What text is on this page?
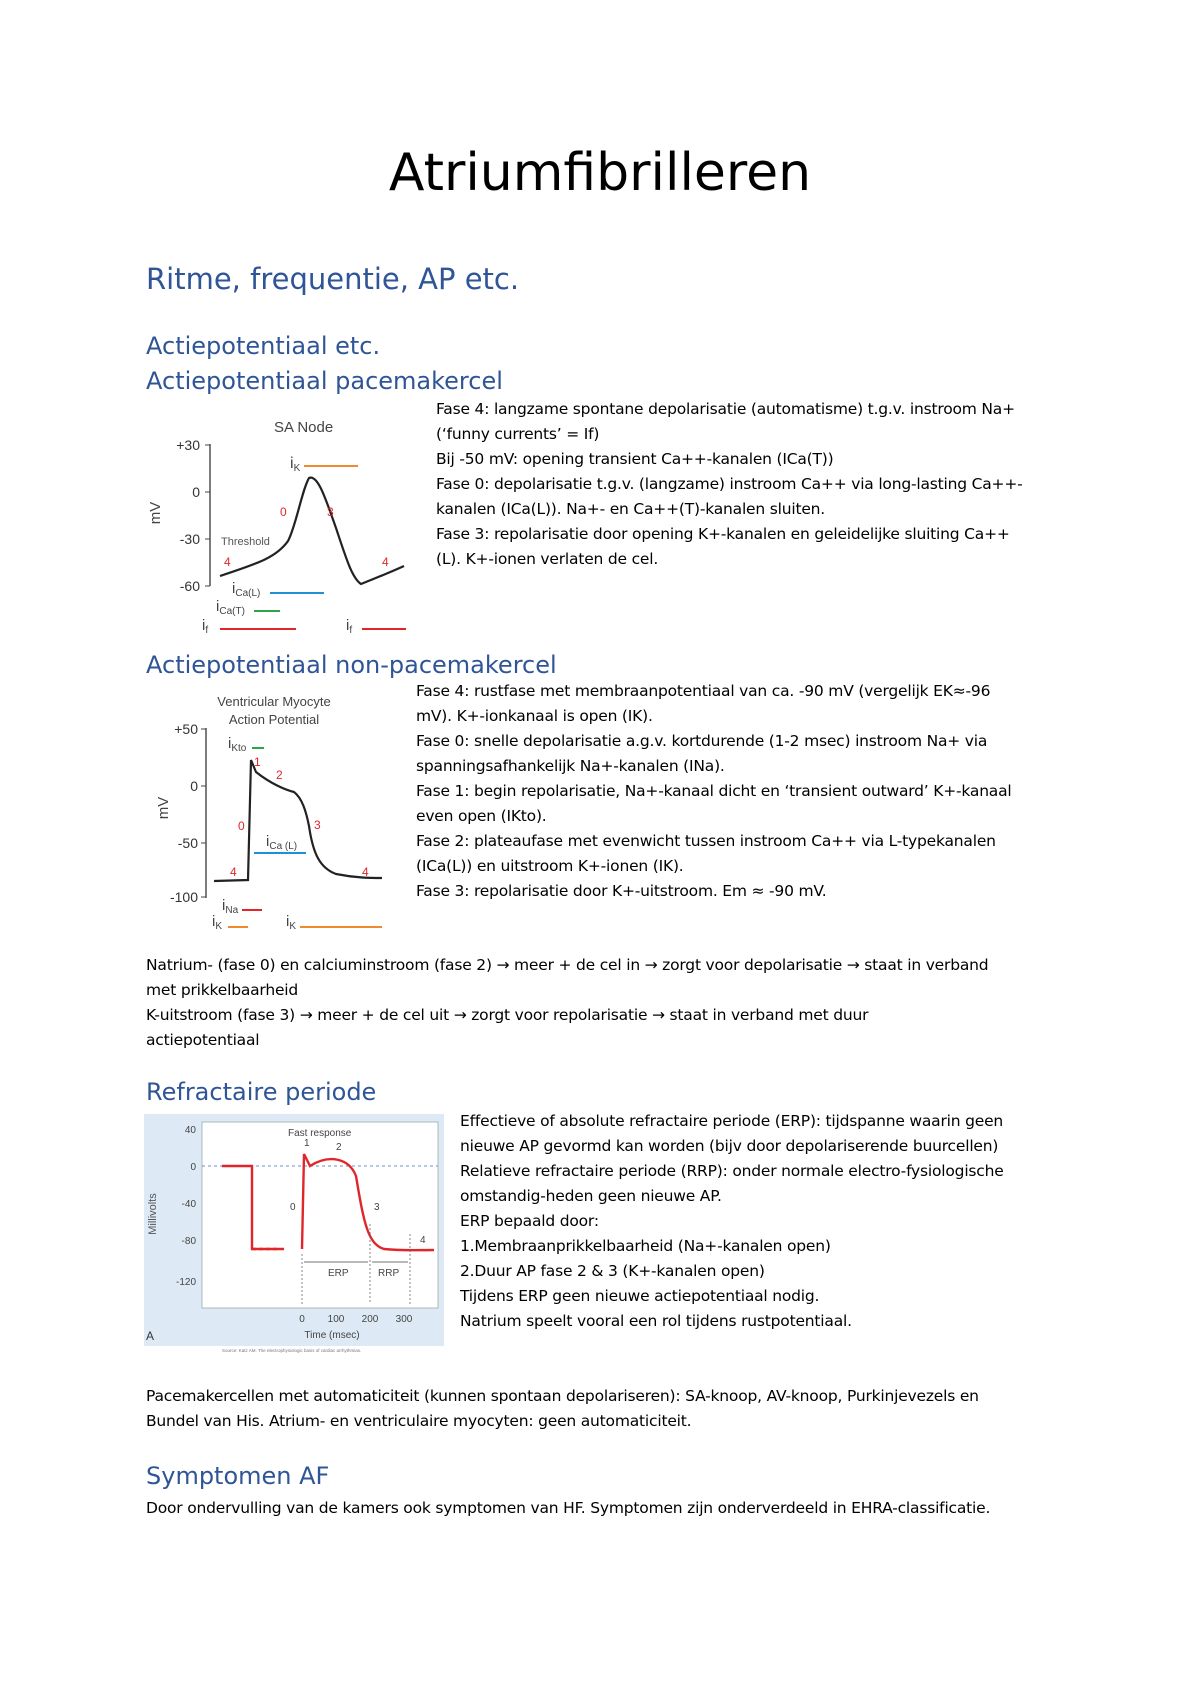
Atriumfibrilleren
Ritme, frequentie, AP etc.
Actiepotentiaal etc.
Actiepotentiaal pacemakercel
SA Node
mV
+30
0
-30
-60
Threshold
4
0	3
4
iK
$i_{Ca(L)}$
$i_{Ca(T)}$
$i_f$	$i_f$

Fase 4: langzame spontane depolarisatie (automatisme) t.g.v. instroom Na+

(‘funny currents’ = If)

Bij -50 mV: opening transient Ca++-kanalen (ICa(T))

Fase 0: depolarisatie t.g.v. (langzame) instroom Ca++ via long-lasting Ca++-

kanalen (ICa(L)). Na+- en Ca++(T)-kanalen sluiten.

Fase 3: repolarisatie door opening K+-kanalen en geleidelijke sluiting Ca++

(L). K+-ionen verlaten de cel.

Actiepotentiaal non-pacemakercel
Ventricular Myocyte
Action Potential
mV
+50
0
-50
-100
1
2
0	3
4	4
$i_{Kto}$
$i_{Ca (L)}$
$i_{Na}$
$i_K$	$i_K$

Fase 4: rustfase met membraanpotentiaal van ca. -90 mV (vergelijk EK≈-96

mV). K+-ionkanaal is open (IK).

Fase 0: snelle depolarisatie a.g.v. kortdurende (1-2 msec) instroom Na+ via

spanningsafhankelijk Na+-kanalen (INa).

Fase 1: begin repolarisatie, Na+-kanaal dicht en ‘transient outward’ K+-kanaal

even open (IKto).

Fase 2: plateaufase met evenwicht tussen instroom Ca++ via L-typekanalen

(ICa(L)) en uitstroom K+-ionen (IK).

Fase 3: repolarisatie door K+-uitstroom. Em ≈ -90 mV.

Natrium- (fase 0) en calciuminstroom (fase 2) → meer + de cel in → zorgt voor depolarisatie → staat in verband

met prikkelbaarheid

K-uitstroom (fase 3) → meer + de cel uit → zorgt voor repolarisatie → staat in verband met duur

actiepotentiaal

Refractaire periode
Millivolts
40
0
-40
-80
-120
Fast response
1	2
0	3
4
ERP	RRP
0 100 200 300
Time (msec)
A
Source: Katz AM. The electrophysiologic basis of cardiac arrhythmias.

Effectieve of absolute refractaire periode (ERP): tijdspanne waarin geen

nieuwe AP gevormd kan worden (bijv door depolariserende buurcellen)

Relatieve refractaire periode (RRP): onder normale electro-fysiologische

omstandig-heden geen nieuwe AP.

ERP bepaald door:

1.Membraanprikkelbaarheid (Na+-kanalen open)

2.Duur AP fase 2 & 3 (K+-kanalen open)

Tijdens ERP geen nieuwe actiepotentiaal nodig.

Natrium speelt vooral een rol tijdens rustpotentiaal.

Pacemakercellen met automaticiteit (kunnen spontaan depolariseren): SA-knoop, AV-knoop, Purkinjevezels en

Bundel van His. Atrium- en ventriculaire myocyten: geen automaticiteit.

Symptomen AF

Door ondervulling van de kamers ook symptomen van HF. Symptomen zijn onderverdeeld in EHRA-classificatie.
